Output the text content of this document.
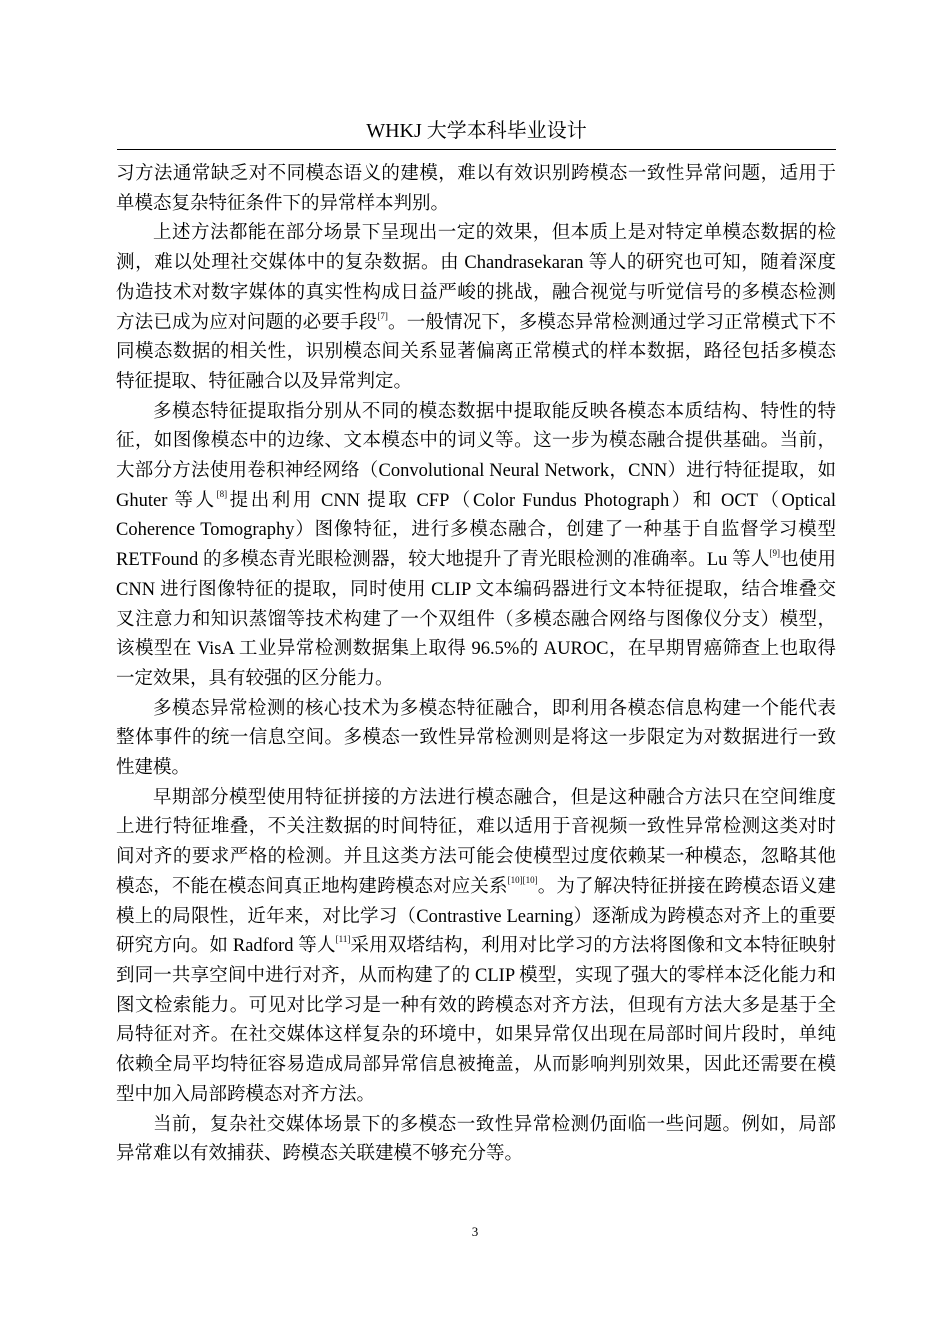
WHKJ 大学本科毕业设计

习方法通常缺乏对不同模态语义的建模，难以有效识别跨模态一致性异常问题，适用于单模态复杂特征条件下的异常样本判别。

上述方法都能在部分场景下呈现出一定的效果，但本质上是对特定单模态数据的检测，难以处理社交媒体中的复杂数据。由 Chandrasekaran 等人的研究也可知，随着深度伪造技术对数字媒体的真实性构成日益严峻的挑战，融合视觉与听觉信号的多模态检测方法已成为应对问题的必要手段[7]。一般情况下，多模态异常检测通过学习正常模式下不同模态数据的相关性，识别模态间关系显著偏离正常模式的样本数据，路径包括多模态特征提取、特征融合以及异常判定。

多模态特征提取指分别从不同的模态数据中提取能反映各模态本质结构、特性的特征，如图像模态中的边缘、文本模态中的词义等。这一步为模态融合提供基础。当前，大部分方法使用卷积神经网络（Convolutional Neural Network，CNN）进行特征提取，如 Ghuter 等人[8]提出利用 CNN 提取 CFP（Color Fundus Photograph）和 OCT（Optical Coherence Tomography）图像特征，进行多模态融合，创建了一种基于自监督学习模型 RETFound 的多模态青光眼检测器，较大地提升了青光眼检测的准确率。Lu 等人[9]也使用 CNN 进行图像特征的提取，同时使用 CLIP 文本编码器进行文本特征提取，结合堆叠交叉注意力和知识蒸馏等技术构建了一个双组件（多模态融合网络与图像仪分支）模型，该模型在 VisA 工业异常检测数据集上取得 96.5%的 AUROC，在早期胃癌筛查上也取得一定效果，具有较强的区分能力。

多模态异常检测的核心技术为多模态特征融合，即利用各模态信息构建一个能代表整体事件的统一信息空间。多模态一致性异常检测则是将这一步限定为对数据进行一致性建模。

早期部分模型使用特征拼接的方法进行模态融合，但是这种融合方法只在空间维度上进行特征堆叠，不关注数据的时间特征，难以适用于音视频一致性异常检测这类对时间对齐的要求严格的检测。并且这类方法可能会使模型过度依赖某一种模态，忽略其他模态，不能在模态间真正地构建跨模态对应关系[10][10]。为了解决特征拼接在跨模态语义建模上的局限性，近年来，对比学习（Contrastive Learning）逐渐成为跨模态对齐上的重要研究方向。如 Radford 等人[11]采用双塔结构，利用对比学习的方法将图像和文本特征映射到同一共享空间中进行对齐，从而构建了的 CLIP 模型，实现了强大的零样本泛化能力和图文检索能力。可见对比学习是一种有效的跨模态对齐方法，但现有方法大多是基于全局特征对齐。在社交媒体这样复杂的环境中，如果异常仅出现在局部时间片段时，单纯依赖全局平均特征容易造成局部异常信息被掩盖，从而影响判别效果，因此还需要在模型中加入局部跨模态对齐方法。

当前，复杂社交媒体场景下的多模态一致性异常检测仍面临一些问题。例如，局部异常难以有效捕获、跨模态关联建模不够充分等。

3
